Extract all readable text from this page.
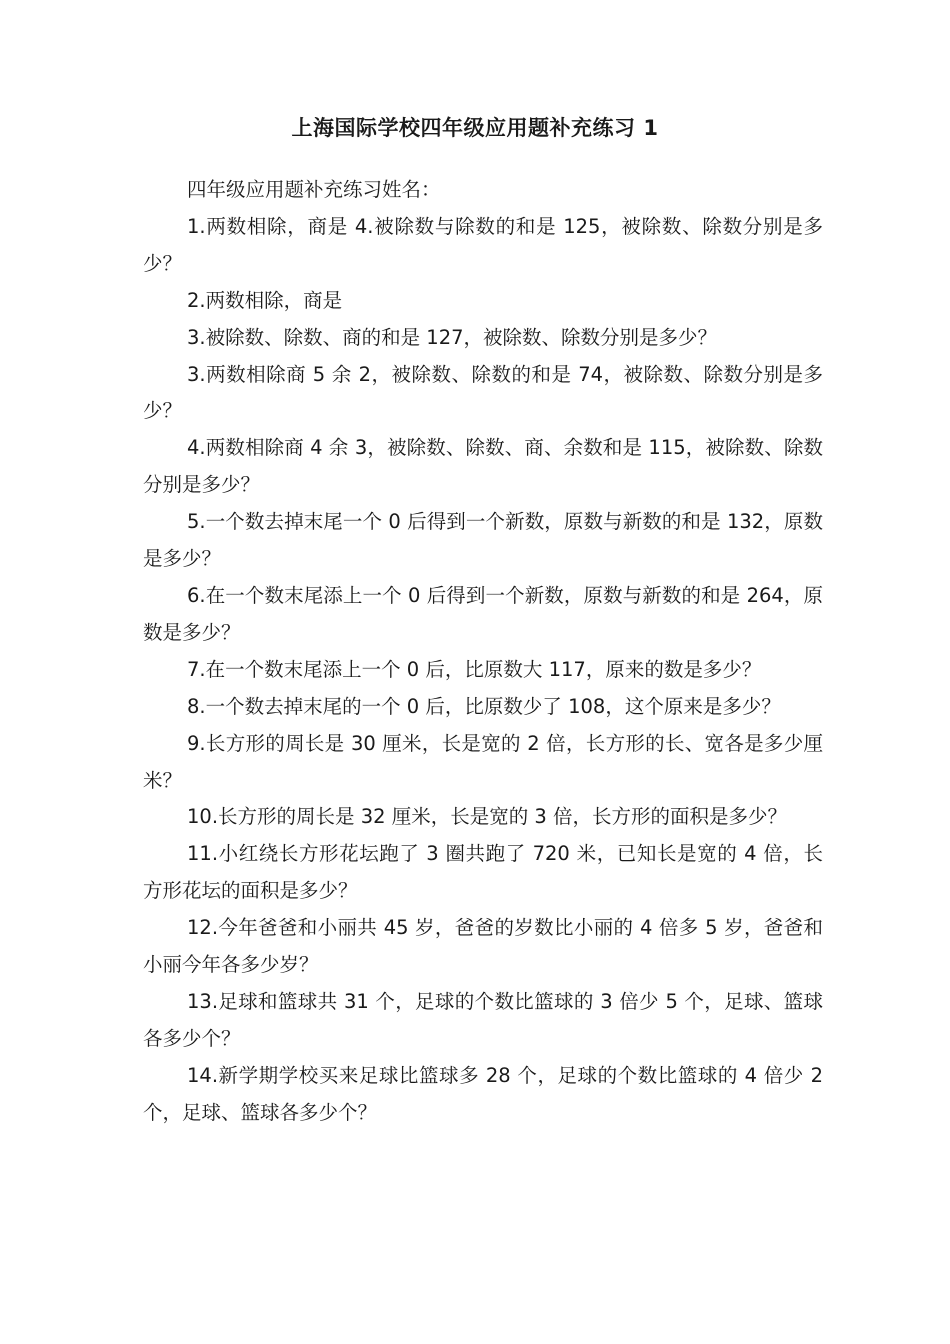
上海国际学校四年级应用题补充练习 1

四年级应用题补充练习姓名：

1.两数相除，商是 4.被除数与除数的和是 125，被除数、除数分别是多少？

2.两数相除，商是

3.被除数、除数、商的和是 127，被除数、除数分别是多少？

3.两数相除商 5 余 2，被除数、除数的和是 74，被除数、除数分别是多少？

4.两数相除商 4 余 3，被除数、除数、商、余数和是 115，被除数、除数分别是多少？

5.一个数去掉末尾一个 0 后得到一个新数，原数与新数的和是 132，原数是多少？

6.在一个数末尾添上一个 0 后得到一个新数，原数与新数的和是 264，原数是多少？

7.在一个数末尾添上一个 0 后，比原数大 117，原来的数是多少？

8.一个数去掉末尾的一个 0 后，比原数少了 108，这个原来是多少？

9.长方形的周长是 30 厘米，长是宽的 2 倍，长方形的长、宽各是多少厘米？

10.长方形的周长是 32 厘米，长是宽的 3 倍，长方形的面积是多少？

11.小红绕长方形花坛跑了 3 圈共跑了 720 米，已知长是宽的 4 倍，长方形花坛的面积是多少？

12.今年爸爸和小丽共 45 岁，爸爸的岁数比小丽的 4 倍多 5 岁，爸爸和小丽今年各多少岁？

13.足球和篮球共 31 个，足球的个数比篮球的 3 倍少 5 个，足球、篮球各多少个？

14.新学期学校买来足球比篮球多 28 个，足球的个数比篮球的 4 倍少 2 个，足球、篮球各多少个？
